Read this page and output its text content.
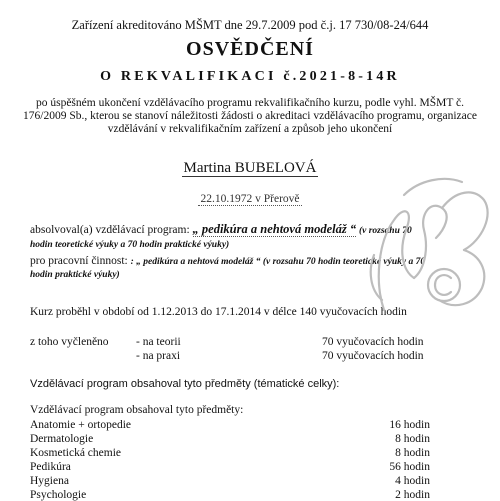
Zařízení akreditováno MŠMT dne 29.7.2009 pod č.j. 17 730/08-24/644
OSVĚDČENÍ
O REKVALIFIKACI č.2021-8-14R
po úspěšném ukončení vzdělávacího programu rekvalifikačního kurzu, podle vyhl. MŠMT č. 176/2009 Sb., kterou se stanoví náležitosti žádosti o akreditaci vzdělávacího programu, organizace vzdělávání v rekvalifikačním zařízení a způsob jeho ukončení
Martina BUBELOVÁ
22.10.1972 v Přerově
absolvoval(a) vzdělávací program: „ pedikúra a nehtová modeláž “ (v rozsahu 70
hodin teoretické výuky a 70 hodin praktické výuky)
pro pracovní činnost: : „ pedikúra a nehtová modeláž “ (v rozsahu 70 hodin teoretické výuky a 70
hodin praktické výuky)
Kurz proběhl v období od 1.12.2013 do 17.1.2014 v délce 140 vyučovacích hodin
z toho vyčleněno - na teorii	70 vyučovacích hodin
- na praxi	70 vyučovacích hodin
Vzdělávací program obsahoval tyto předměty (tématické celky):
Vzdělávací program obsahoval tyto předměty:
Anatomie + ortopedie	16 hodin
Dermatologie	8 hodin
Kosmetická chemie	8 hodin
Pedikúra	56 hodin
Hygiena	4 hodin
Psychologie	2 hodin
